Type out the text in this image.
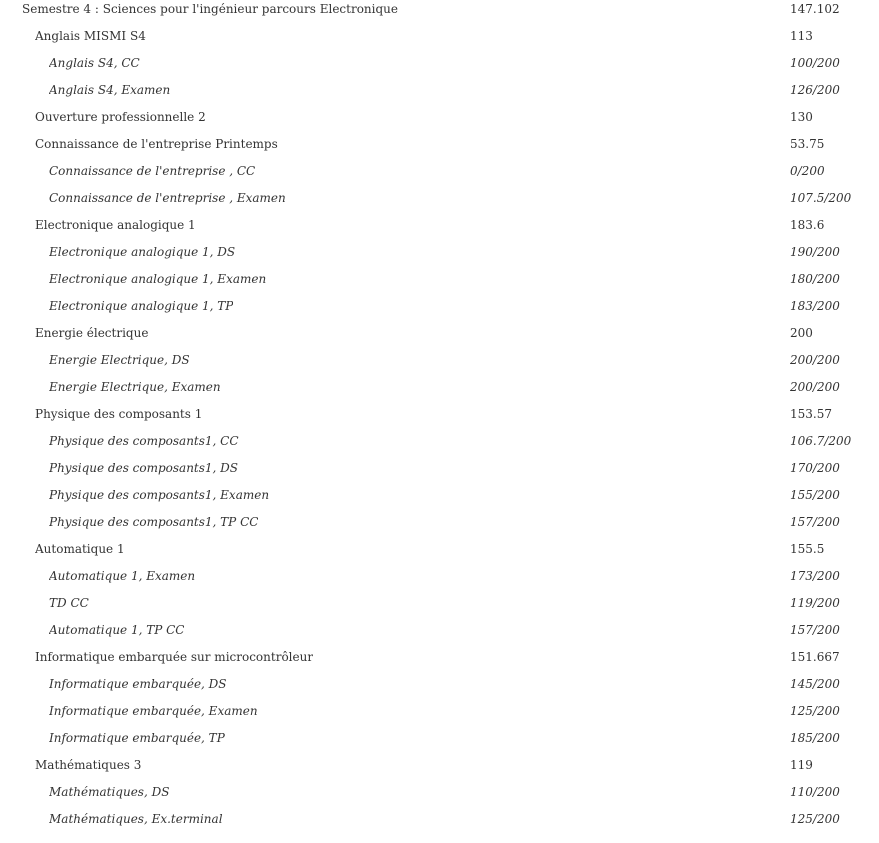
Semestre 4 : Sciences pour l'ingénieur parcours Electronique	147.102
Anglais MISMI S4	113
Anglais S4, CC	100/200
Anglais S4, Examen	126/200
Ouverture professionnelle 2	130
Connaissance de l'entreprise Printemps	53.75
Connaissance de l'entreprise , CC	0/200
Connaissance de l'entreprise , Examen	107.5/200
Electronique analogique 1	183.6
Electronique analogique 1, DS	190/200
Electronique analogique 1, Examen	180/200
Electronique analogique 1, TP	183/200
Energie électrique	200
Energie Electrique, DS	200/200
Energie Electrique, Examen	200/200
Physique des composants 1	153.57
Physique des composants1, CC	106.7/200
Physique des composants1, DS	170/200
Physique des composants1, Examen	155/200
Physique des composants1, TP CC	157/200
Automatique 1	155.5
Automatique 1, Examen	173/200
TD CC	119/200
Automatique 1, TP CC	157/200
Informatique embarquée sur microcontrôleur	151.667
Informatique embarquée, DS	145/200
Informatique embarquée, Examen	125/200
Informatique embarquée, TP	185/200
Mathématiques 3	119
Mathématiques, DS	110/200
Mathématiques, Ex.terminal	125/200
